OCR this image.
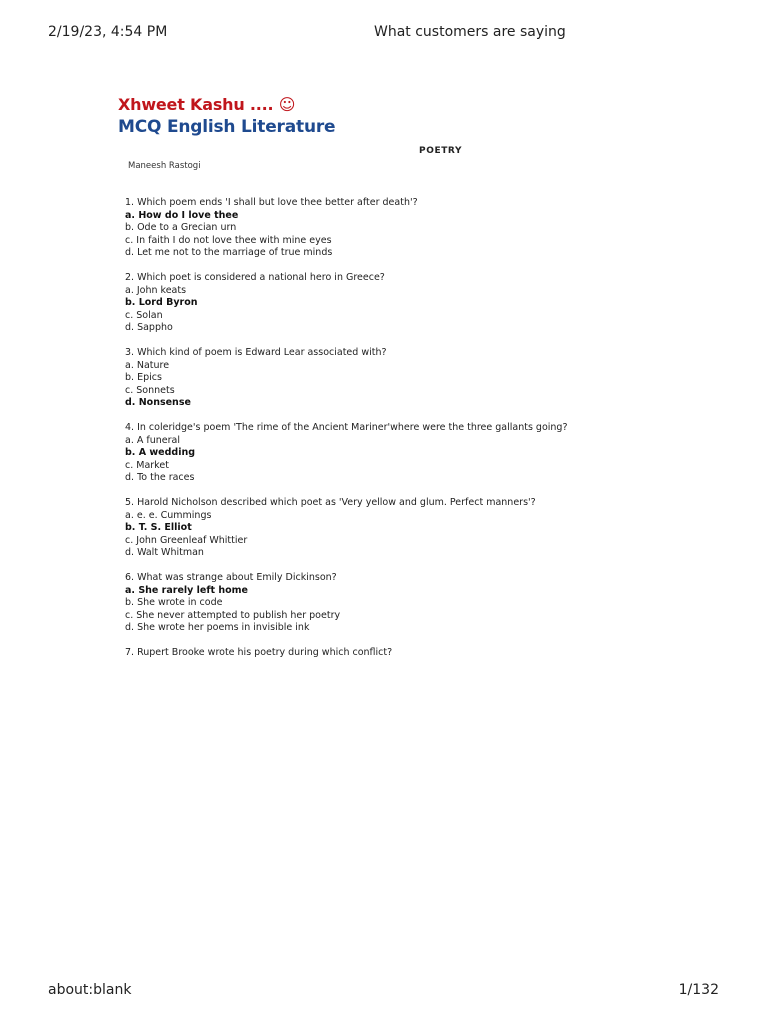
2/19/23, 4:54 PM	What customers are saying
Xhweet Kashu .... ☺
MCQ English Literature
POETRY
Maneesh Rastogi
1. Which poem ends 'I shall but love thee better after death'?
a. How do I love thee
b. Ode to a Grecian urn
c. In faith I do not love thee with mine eyes
d. Let me not to the marriage of true minds
2. Which poet is considered a national hero in Greece?
a. John keats
b. Lord Byron
c. Solan
d. Sappho
3. Which kind of poem is Edward Lear associated with?
a. Nature
b. Epics
c. Sonnets
d. Nonsense
4. In coleridge's poem 'The rime of the Ancient Mariner'where were the three gallants going?
a. A funeral
b. A wedding
c. Market
d. To the races
5. Harold Nicholson described which poet as 'Very yellow and glum. Perfect manners'?
a. e. e. Cummings
b. T. S. Elliot
c. John Greenleaf Whittier
d. Walt Whitman
6. What was strange about Emily Dickinson?
a. She rarely left home
b. She wrote in code
c. She never attempted to publish her poetry
d. She wrote her poems in invisible ink
7. Rupert Brooke wrote his poetry during which conflict?
about:blank	1/132
